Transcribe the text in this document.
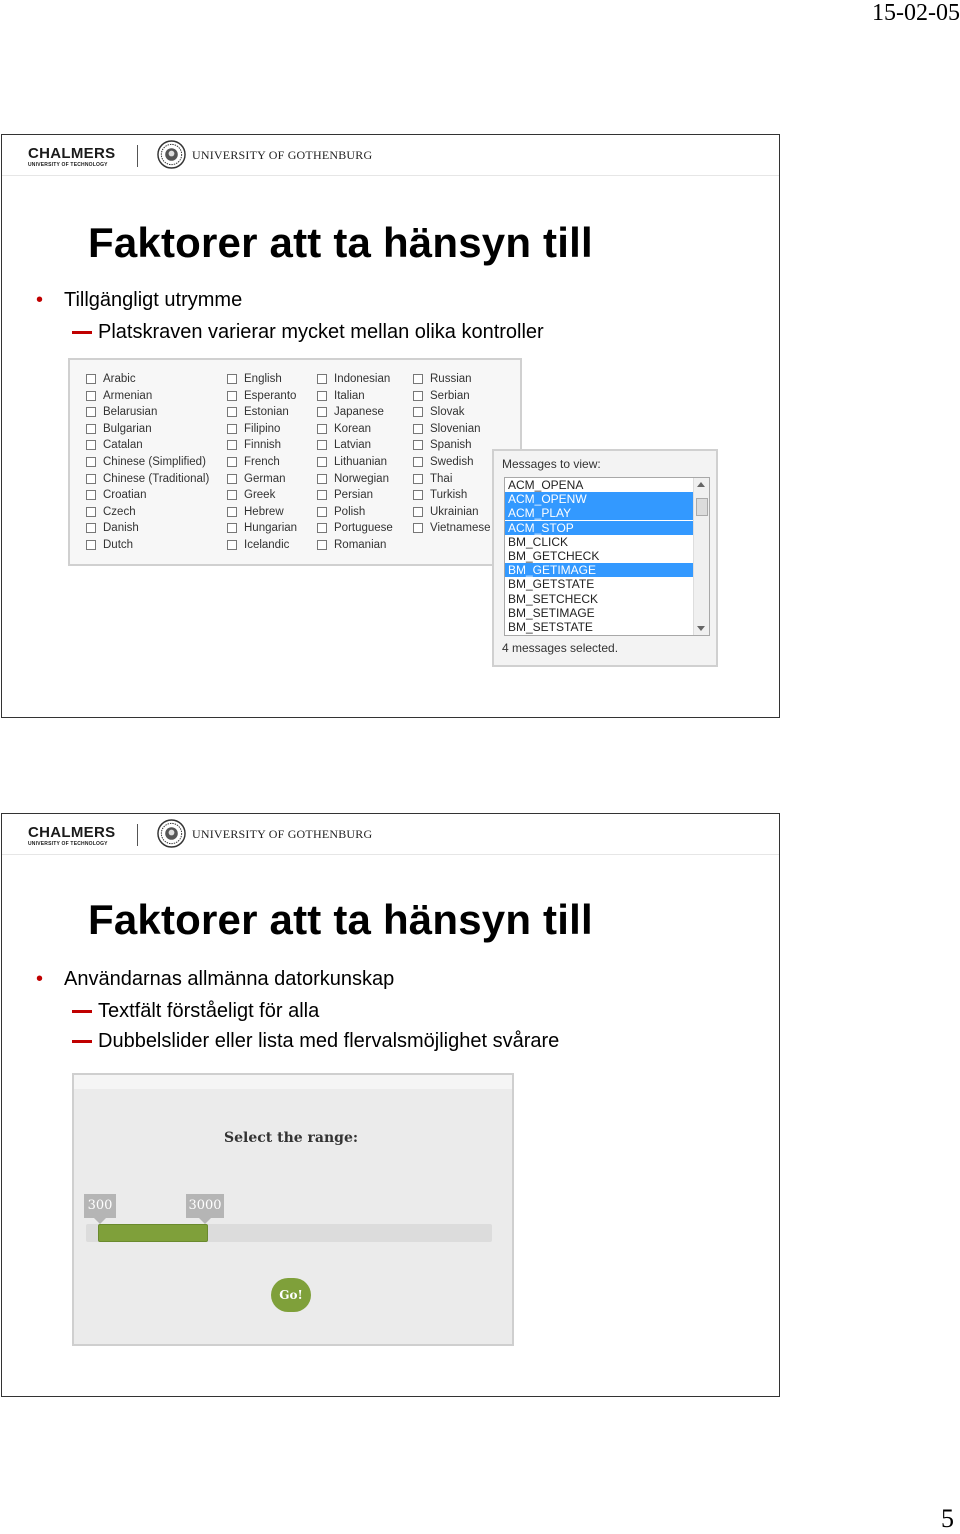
15-02-05
CHALMERS
UNIVERSITY OF TECHNOLOGY
UNIVERSITY OF GOTHENBURG
Faktorer att ta hänsyn till
• Tillgängligt utrymme
Platskraven varierar mycket mellan olika kontroller
Arabic
Armenian
Belarusian
Bulgarian
Catalan
Chinese (Simplified)
Chinese (Traditional)
Croatian
Czech
Danish
Dutch
English
Esperanto
Estonian
Filipino
Finnish
French
German
Greek
Hebrew
Hungarian
Icelandic
Indonesian
Italian
Japanese
Korean
Latvian
Lithuanian
Norwegian
Persian
Polish
Portuguese
Romanian
Russian
Serbian
Slovak
Slovenian
Spanish
Swedish
Thai
Turkish
Ukrainian
Vietnamese
Messages to view:
ACM_OPENA
ACM_OPENW
ACM_PLAY
ACM_STOP
BM_CLICK
BM_GETCHECK
BM_GETIMAGE
BM_GETSTATE
BM_SETCHECK
BM_SETIMAGE
BM_SETSTATE
4 messages selected.
CHALMERS
UNIVERSITY OF TECHNOLOGY
UNIVERSITY OF GOTHENBURG
Faktorer att ta hänsyn till
• Användarnas allmänna datorkunskap
Textfält förståeligt för alla
Dubbelslider eller lista med flervalsmöjlighet svårare
Select the range:
300	3000
Go!
5
